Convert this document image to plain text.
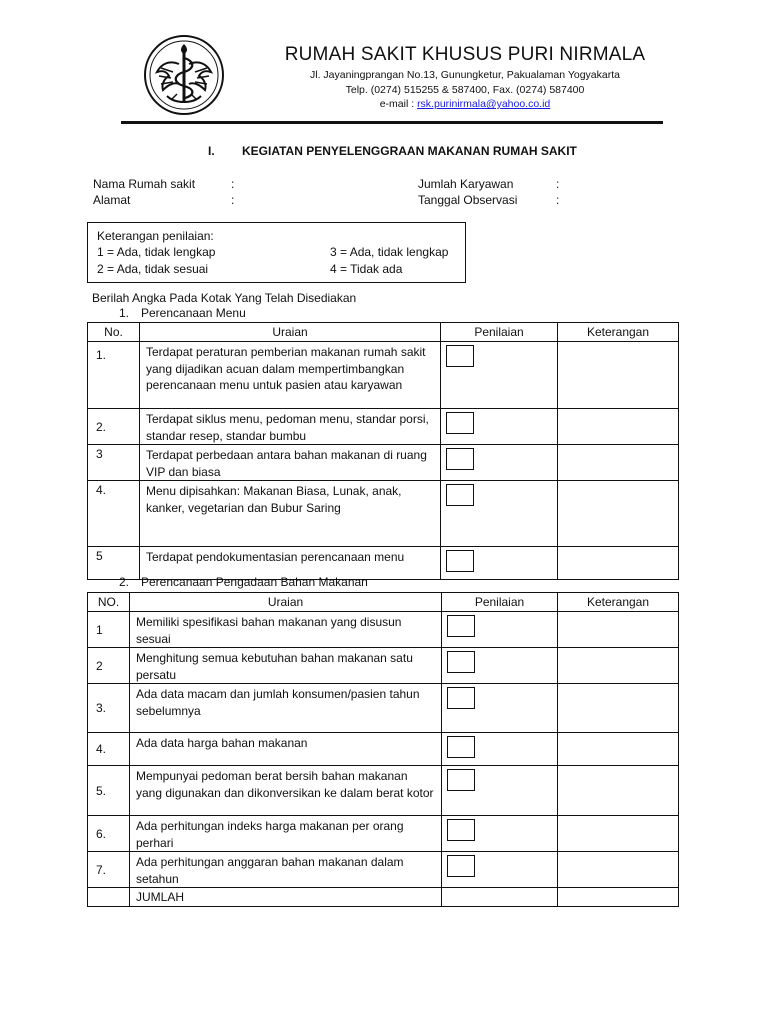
RUMAH SAKIT KHUSUS PURI NIRMALA
Jl. Jayaningprangan No.13, Gunungketur, Pakualaman Yogyakarta
Telp. (0274) 515255 & 587400, Fax. (0274) 587400
e-mail : rsk.purinirmala@yahoo.co.id
I. KEGIATAN PENYELENGGRAAN MAKANAN RUMAH SAKIT
Nama Rumah sakit	:
Alamat	:
Jumlah Karyawan	:
Tanggal Observasi	:
Keterangan penilaian:
1 = Ada, tidak lengkap
2 = Ada, tidak sesuai
3 = Ada, tidak lengkap
4 = Tidak ada
Berilah Angka Pada Kotak Yang Telah Disediakan
1. Perencanaan Menu
No.	Uraian	Penilaian	Keterangan
1.	Terdapat peraturan pemberian makanan rumah sakit yang dijadikan acuan dalam mempertimbangkan perencanaan menu untuk pasien atau karyawan	

2.	Terdapat siklus menu, pedoman menu, standar porsi, standar resep, standar bumbu	

3	Terdapat perbedaan antara bahan makanan di ruang VIP dan biasa	

4.	Menu dipisahkan: Makanan Biasa, Lunak, anak, kanker, vegetarian dan Bubur Saring	

5	Terdapat pendokumentasian perencanaan menu	

2. Perencanaan Pengadaan Bahan Makanan
NO.	Uraian	Penilaian	Keterangan
1	Memiliki spesifikasi bahan makanan yang disusun sesuai	

2	Menghitung semua kebutuhan bahan makanan satu persatu	

3.	Ada data macam dan jumlah konsumen/pasien tahun sebelumnya	

4.	Ada data harga bahan makanan	

5.	Mempunyai pedoman berat bersih bahan makanan yang digunakan dan dikonversikan ke dalam berat kotor	

6.	Ada perhitungan indeks harga makanan per orang perhari	

7.	Ada perhitungan anggaran bahan makanan dalam setahun	

	JUMLAH		
